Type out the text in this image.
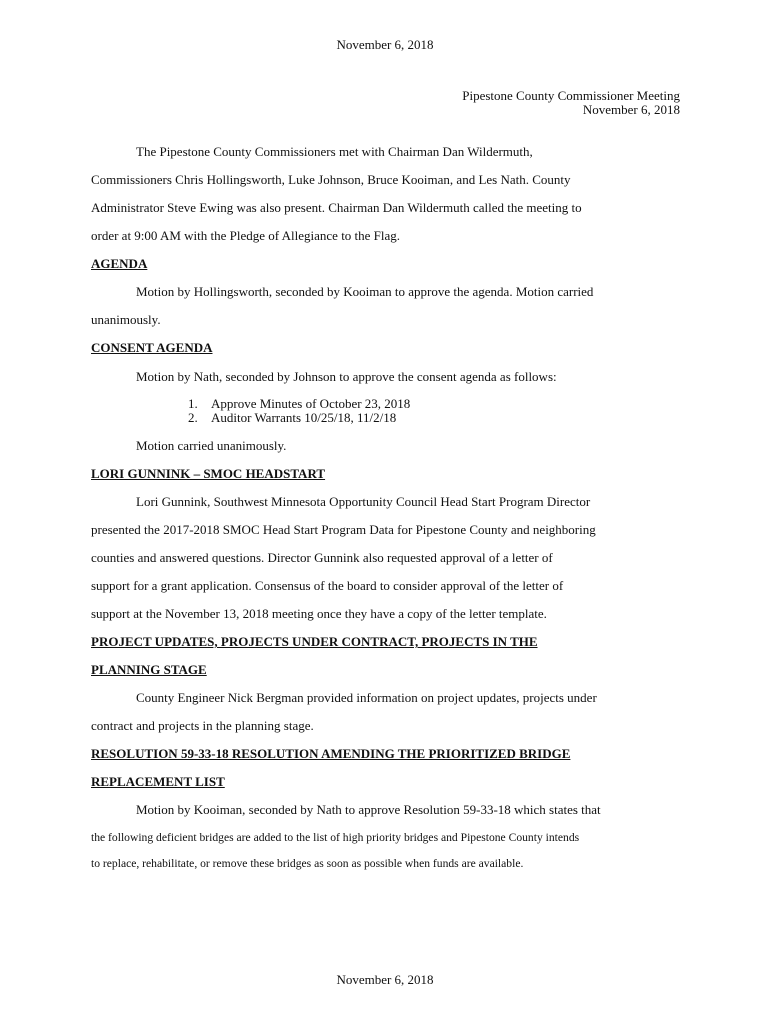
November 6, 2018
Pipestone County Commissioner Meeting
November 6, 2018
The Pipestone County Commissioners met with Chairman Dan Wildermuth,
Commissioners Chris Hollingsworth, Luke Johnson, Bruce Kooiman, and Les Nath. County
Administrator Steve Ewing was also present. Chairman Dan Wildermuth called the meeting to
order at 9:00 AM with the Pledge of Allegiance to the Flag.
AGENDA
Motion by Hollingsworth, seconded by Kooiman to approve the agenda. Motion carried
unanimously.
CONSENT AGENDA
Motion by Nath, seconded by Johnson to approve the consent agenda as follows:
1. Approve Minutes of October 23, 2018
2. Auditor Warrants 10/25/18, 11/2/18
Motion carried unanimously.
LORI GUNNINK – SMOC HEADSTART
Lori Gunnink, Southwest Minnesota Opportunity Council Head Start Program Director
presented the 2017-2018 SMOC Head Start Program Data for Pipestone County and neighboring
counties and answered questions. Director Gunnink also requested approval of a letter of
support for a grant application. Consensus of the board to consider approval of the letter of
support at the November 13, 2018 meeting once they have a copy of the letter template.
PROJECT UPDATES, PROJECTS UNDER CONTRACT, PROJECTS IN THE
PLANNING STAGE
County Engineer Nick Bergman provided information on project updates, projects under
contract and projects in the planning stage.
RESOLUTION 59-33-18 RESOLUTION AMENDING THE PRIORITIZED BRIDGE
REPLACEMENT LIST
Motion by Kooiman, seconded by Nath to approve Resolution 59-33-18 which states that
the following deficient bridges are added to the list of high priority bridges and Pipestone County intends
to replace, rehabilitate, or remove these bridges as soon as possible when funds are available.
November 6, 2018
